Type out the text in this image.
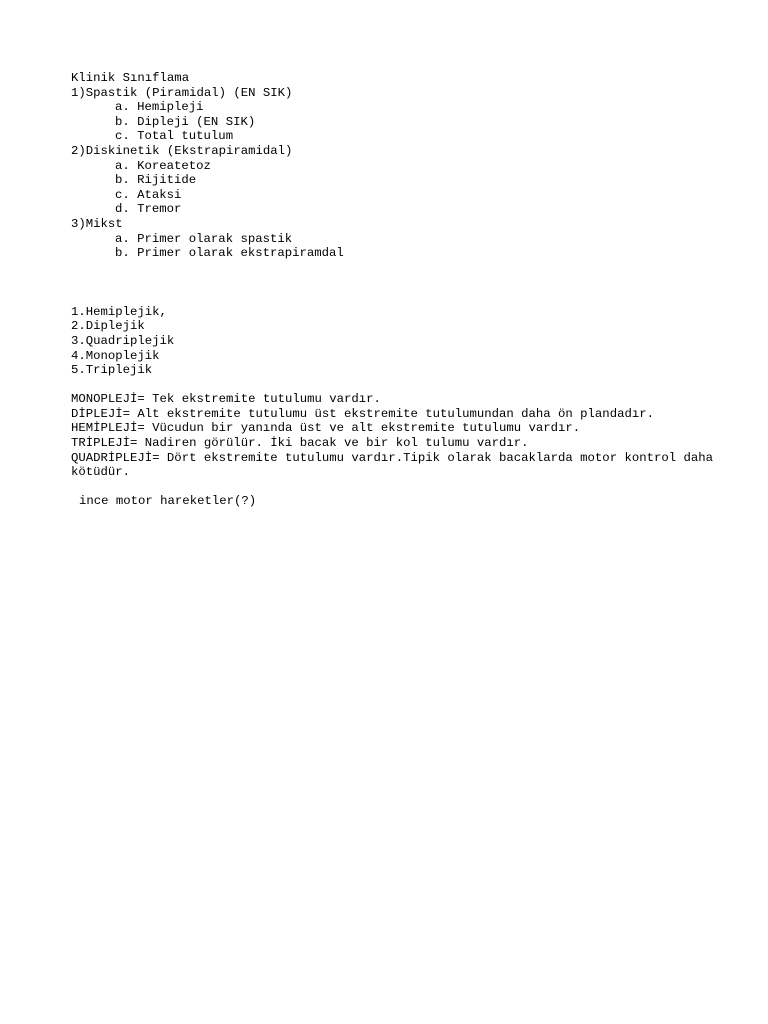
Klinik Sınıflama
1)Spastik (Piramidal) (EN SIK)
a. Hemipleji
b. Dipleji (EN SIK)
c. Total tutulum
2)Diskinetik (Ekstrapiramidal)
a. Koreatetoz
b. Rijitide
c. Ataksi
d. Tremor
3)Mikst
a. Primer olarak spastik
b. Primer olarak ekstrapiramdal
1.Hemiplejik,
2.Diplejik
3.Quadriplejik
4.Monoplejik
5.Triplejik
MONOPLEJİ= Tek ekstremite tutulumu vardır.
DİPLEJİ= Alt ekstremite tutulumu üst ekstremite tutulumundan daha ön plandadır.
HEMİPLEJİ= Vücudun bir yanında üst ve alt ekstremite tutulumu vardır.
TRİPLEJİ= Nadiren görülür. İki bacak ve bir kol tulumu vardır.
QUADRİPLEJİ= Dört ekstremite tutulumu vardır.Tipik olarak bacaklarda motor kontrol daha kötüdür.
ince motor hareketler(?)
